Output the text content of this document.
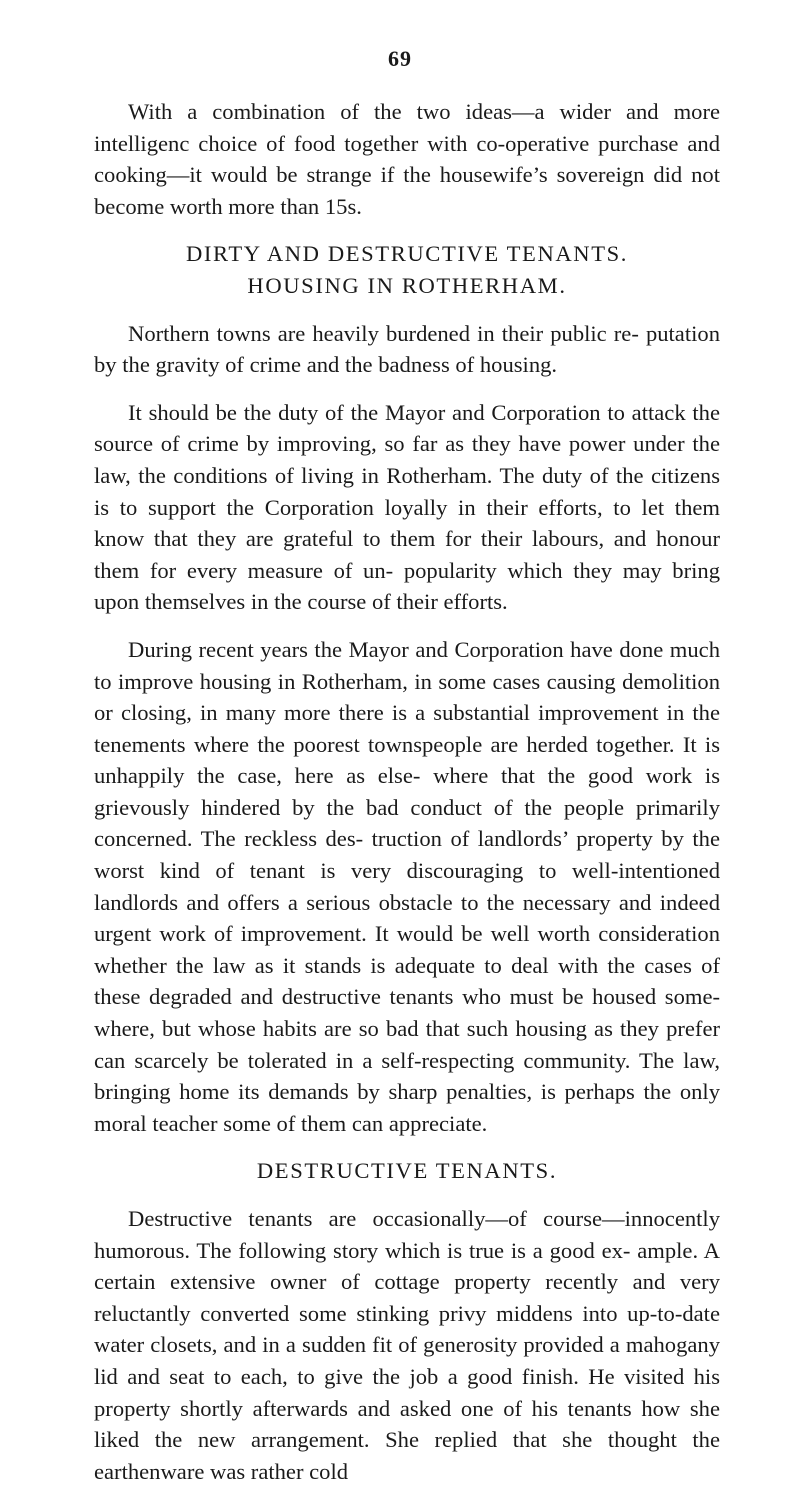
69

With a combination of the two ideas—a wider and more intelligenc choice of food together with co-operative purchase and cooking—it would be strange if the housewife’s sovereign did not become worth more than 15s.

DIRTY AND DESTRUCTIVE TENANTS.

HOUSING IN ROTHERHAM.

Northern towns are heavily burdened in their public re- putation by the gravity of crime and the badness of housing.

It should be the duty of the Mayor and Corporation to attack the source of crime by improving, so far as they have power under the law, the conditions of living in Rotherham. The duty of the citizens is to support the Corporation loyally in their efforts, to let them know that they are grateful to them for their labours, and honour them for every measure of un- popularity which they may bring upon themselves in the course of their efforts.

During recent years the Mayor and Corporation have done much to improve housing in Rotherham, in some cases causing demolition or closing, in many more there is a substantial improvement in the tenements where the poorest townspeople are herded together. It is unhappily the case, here as else- where that the good work is grievously hindered by the bad conduct of the people primarily concerned. The reckless des- truction of landlords’ property by the worst kind of tenant is very discouraging to well-intentioned landlords and offers a serious obstacle to the necessary and indeed urgent work of improvement. It would be well worth consideration whether the law as it stands is adequate to deal with the cases of these degraded and destructive tenants who must be housed some- where, but whose habits are so bad that such housing as they prefer can scarcely be tolerated in a self-respecting community. The law, bringing home its demands by sharp penalties, is perhaps the only moral teacher some of them can appreciate.

DESTRUCTIVE TENANTS.

Destructive tenants are occasionally—of course—innocently humorous. The following story which is true is a good ex- ample. A certain extensive owner of cottage property recently and very reluctantly converted some stinking privy middens into up-to-date water closets, and in a sudden fit of generosity provided a mahogany lid and seat to each, to give the job a good finish. He visited his property shortly afterwards and asked one of his tenants how she liked the new arrangement. She replied that she thought the earthenware was rather cold
